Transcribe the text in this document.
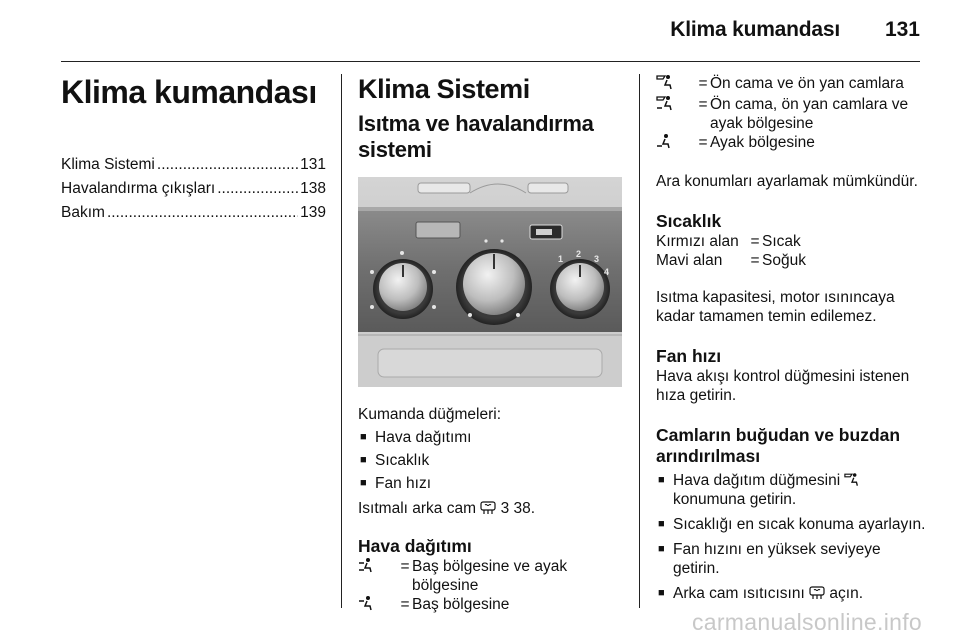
Klima kumandası 131
Klima kumandası
Klima Sistemi .....	131
Havalandırma çıkışları .....	138
Bakım .....	139
Klima Sistemi
Isıtma ve havalandırma sistemi
1 2 3
4

Kumanda düğmeleri:

■ Hava dağıtımı
■ Sıcaklık
■ Fan hızı

Isıtmalı arka cam 3 38.

Hava dağıtımı
= Baş bölgesine ve ayak bölgesine
= Baş bölgesine
= Ön cama ve ön yan camlara
= Ön cama, ön yan camlara ve ayak bölgesine
= Ayak bölgesine

Ara konumları ayarlamak mümkündür.

Sıcaklık
Kırmızı alan = Sıcak
Mavi alan	= Soğuk

Isıtma kapasitesi, motor ısınıncaya kadar tamamen temin edilemez.

Fan hızı

Hava akışı kontrol düğmesini istenen hıza getirin.

Camların buğudan ve buzdan arındırılması
■ Hava dağıtım düğmesini  konumuna getirin.
■ Sıcaklığı en sıcak konuma ayarlayın.
■ Fan hızını en yüksek seviyeye getirin.
■ Arka cam ısıtıcısını açın.
carmanualsonline.info
